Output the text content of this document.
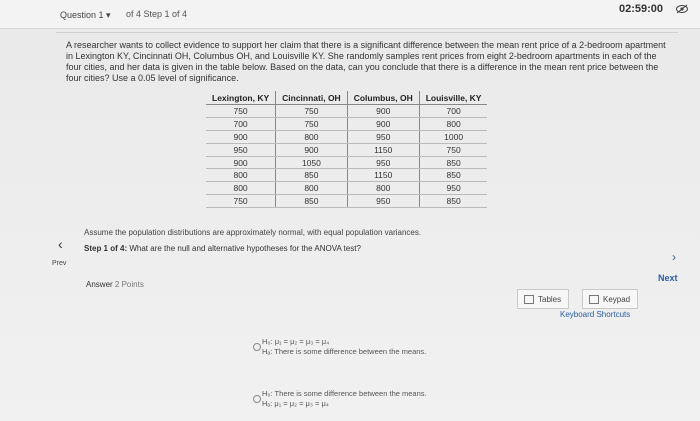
Question 1 ▾ of 4 Step 1 of 4	02:59:00
A researcher wants to collect evidence to support her claim that there is a significant difference between the mean rent price of a 2-bedroom apartment in Lexington KY, Cincinnati OH, Columbus OH, and Louisville KY. She randomly samples rent prices from eight 2-bedroom apartments in each of the four cities, and her data is given in the table below. Based on the data, can you conclude that there is a difference in the mean rent price between the four cities? Use a 0.05 level of significance.
Lexington, KY	Cincinnati, OH	Columbus, OH	Louisville, KY
750	750	900	700
700	750	900	800
900	800	950	1000
950	900	1150	750
900	1050	950	850
800	850	1150	850
800	800	800	950
750	850	950	850
Assume the population distributions are approximately normal, with equal population variances.
Step 1 of 4: What are the null and alternative hypotheses for the ANOVA test?
‹
Prev	›
Next
Answer 2 Points
Tables	Keypad
Keyboard Shortcuts
H₀: μ₁ = μ₂ = μ₃ = μ₄
Hₐ: There is some difference between the means.
H₀: There is some difference between the means.
Hₐ: μ₁ = μ₂ = μ₃ = μ₄
